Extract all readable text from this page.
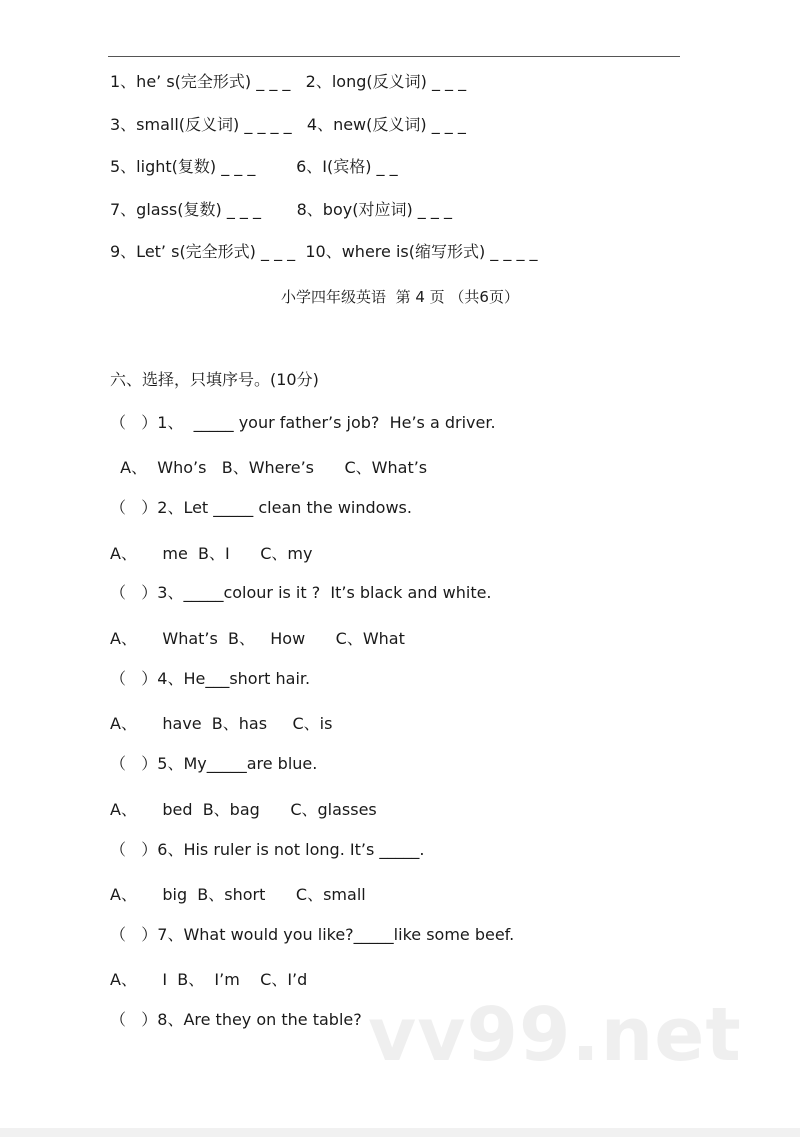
1、he’ s(完全形式) _ _ _   2、long(反义词) _ _ _
3、small(反义词) _ _ _ _   4、new(反义词) _ _ _
5、light(复数) _ _ _        6、I(宾格) _ _
7、glass(复数) _ _ _       8、boy(对应词) _ _ _
9、Let’ s(完全形式) _ _ _  10、where is(缩写形式) _ _ _ _
小学四年级英语  第 4 页 （共6页）
六、选择，只填序号。(10分)
（   ）1、  _____ your father’s job?  He’s a driver.
A、  Who’s   B、Where’s      C、What’s
（   ）2、Let _____ clean the windows.
A、     me  B、I      C、my
（   ）3、_____colour is it ?  It’s black and white.
A、     What’s  B、   How      C、What
（   ）4、He___short hair.
A、     have  B、has     C、is
（   ）5、My_____are blue.
A、     bed  B、bag      C、glasses
（   ）6、His ruler is not long. It’s _____.
A、     big  B、short      C、small
（   ）7、What would you like?_____like some beef.
A、     I  B、  I’m    C、I’d
（   ）8、Are they on the table? vv99.net
